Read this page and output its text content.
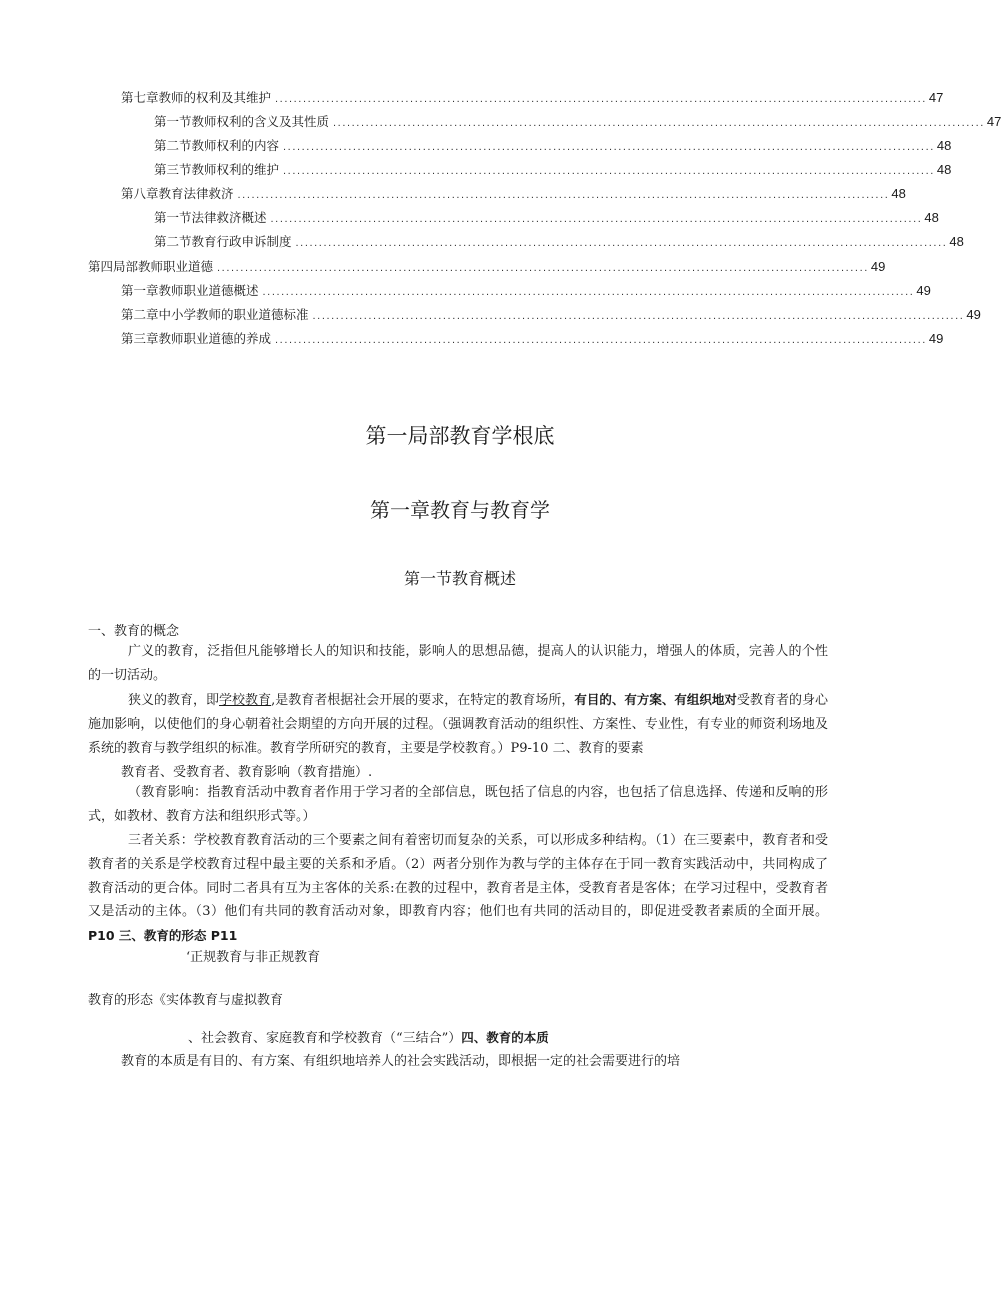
第七章教师的权利及其维护 ............................................................................................................................................ 47
第一节教师权利的含义及其性质 ............................................................................................................................................ 47
第二节教师权利的内容 ............................................................................................................................................ 48
第三节教师权利的维护 ............................................................................................................................................ 48
第八章教育法律救济 ............................................................................................................................................ 48
第一节法律救济概述 ............................................................................................................................................ 48
第二节教育行政申诉制度 ............................................................................................................................................ 48
第四局部教师职业道德 ............................................................................................................................................ 49
第一章教师职业道德概述 ............................................................................................................................................ 49
第二章中小学教师的职业道德标准 ............................................................................................................................................ 49
第三章教师职业道德的养成 ............................................................................................................................................ 49
第一局部教育学根底
第一章教育与教育学
第一节教育概述
一、教育的概念
广义的教育，泛指但凡能够增长人的知识和技能，影响人的思想品德，提高人的认识能力，增强人的体质，完善人的个性的一切活动。
狭义的教育，即学校教育,是教育者根据社会开展的要求，在特定的教育场所，有目的、有方案、有组织地对受教育者的身心施加影响，以使他们的身心朝着社会期望的方向开展的过程。（强调教育活动的组织性、方案性、专业性，有专业的师资利场地及系统的教育与教学组织的标准。教育学所研究的教育，主要是学校教育。）P9-10 二、教育的要素
教育者、受教育者、教育影响（教育措施）.
（教育影响：指教育活动中教育者作用于学习者的全部信息，既包括了信息的内容，也包括了信息选择、传递和反响的形式，如教材、教育方法和组织形式等。）
三者关系：学校教育教育活动的三个要素之间有着密切而复杂的关系，可以形成多种结构。（1）在三要素中，教育者和受教育者的关系是学校教育过程中最主要的关系和矛盾。（2）两者分别作为教与学的主体存在于同一教育实践活动中，共同构成了教育活动的更合体。同时二者具有互为主客体的关系:在教的过程中，教育者是主体，受教育者是客体；在学习过程中，受教育者又是活动的主体。（3）他们有共同的教育活动对象，即教育内容；他们也有共同的活动目的，即促进受教者素质的全面开展。P10 三、教育的形态 P11
‘正规教育与非正规教育
教育的形态《实体教育与虚拟教育
、社会教育、家庭教育和学校教育（“三结合”）四、教育的本质
教育的本质是有目的、有方案、有组织地培养人的社会实践活动，即根据一定的社会需要进行的培
